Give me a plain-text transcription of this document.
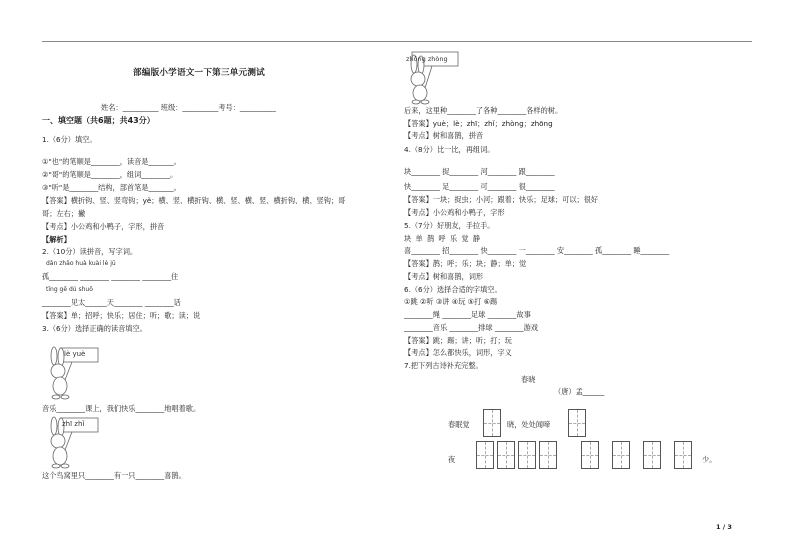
部编版小学语文一下第三单元测试
姓名：__________ 班级：__________考号：__________
一、填空题（共6题；共43分）
1.（6分）填空。
①"也"的笔顺是________，读音是_______。
②"哥"的笔顺是________，组词________。
③"听"是________结构，部首笔是_______。
【答案】横折钩、竖、竖弯钩；yě；横、竖、横折钩、横、竖、横、竖、横折钩、横、竖钩；哥
哥；左右；撇
【考点】小公鸡和小鸭子，字形，拼音
【解析】
2.（10分）读拼音，写字词。
dǎn zhǎo huà kuài lè jū
孤________ ________ ________ ________住
tīng gē dú shuō
________见太______天________ ________话
【答案】单；招呼；快乐；居住；听；歌；读；说
3.（6分）选择正确的读音填空。
lè yuè
音乐________课上，我们快乐________地唱着歌。
zhī zhǐ
这个鸟窝里只________有一只________喜鹊。
zhōng zhòng
后来，这里种________了各种________各样的树。
【答案】yuè；lè；zhī；zhǐ；zhòng；zhōng
【考点】树和喜鹊，拼音
4.（8分）比一比，再组词。
块________ 捉________ 河________ 跟________
快________ 足________ 可________ 很________
【答案】一块；捉虫；小河；跟着；快乐；足球；可以；很好
【考点】小公鸡和小鸭子，字形
5.（7分）好朋友，手拉手。
块 单 鹊 呼 乐 觉 静
喜________ 招________ 快________ 一________ 安________ 孤________ 睡________
【答案】鹊；呼；乐；块；静；单；觉
【考点】树和喜鹊，词形
6.（6分）选择合适的字填空。
①跳 ②听 ③讲 ④玩 ⑤打 ⑥踢
________绳 ________足球 ________故事
________音乐 ________排球 ________游戏
【答案】跳；踢；讲；听；打；玩
【考点】怎么都快乐，词形，字义
7.把下列古诗补充完整。
春晓
（唐）孟______
春眠觉	晓，处处闻啼
夜	少。
1 / 3
